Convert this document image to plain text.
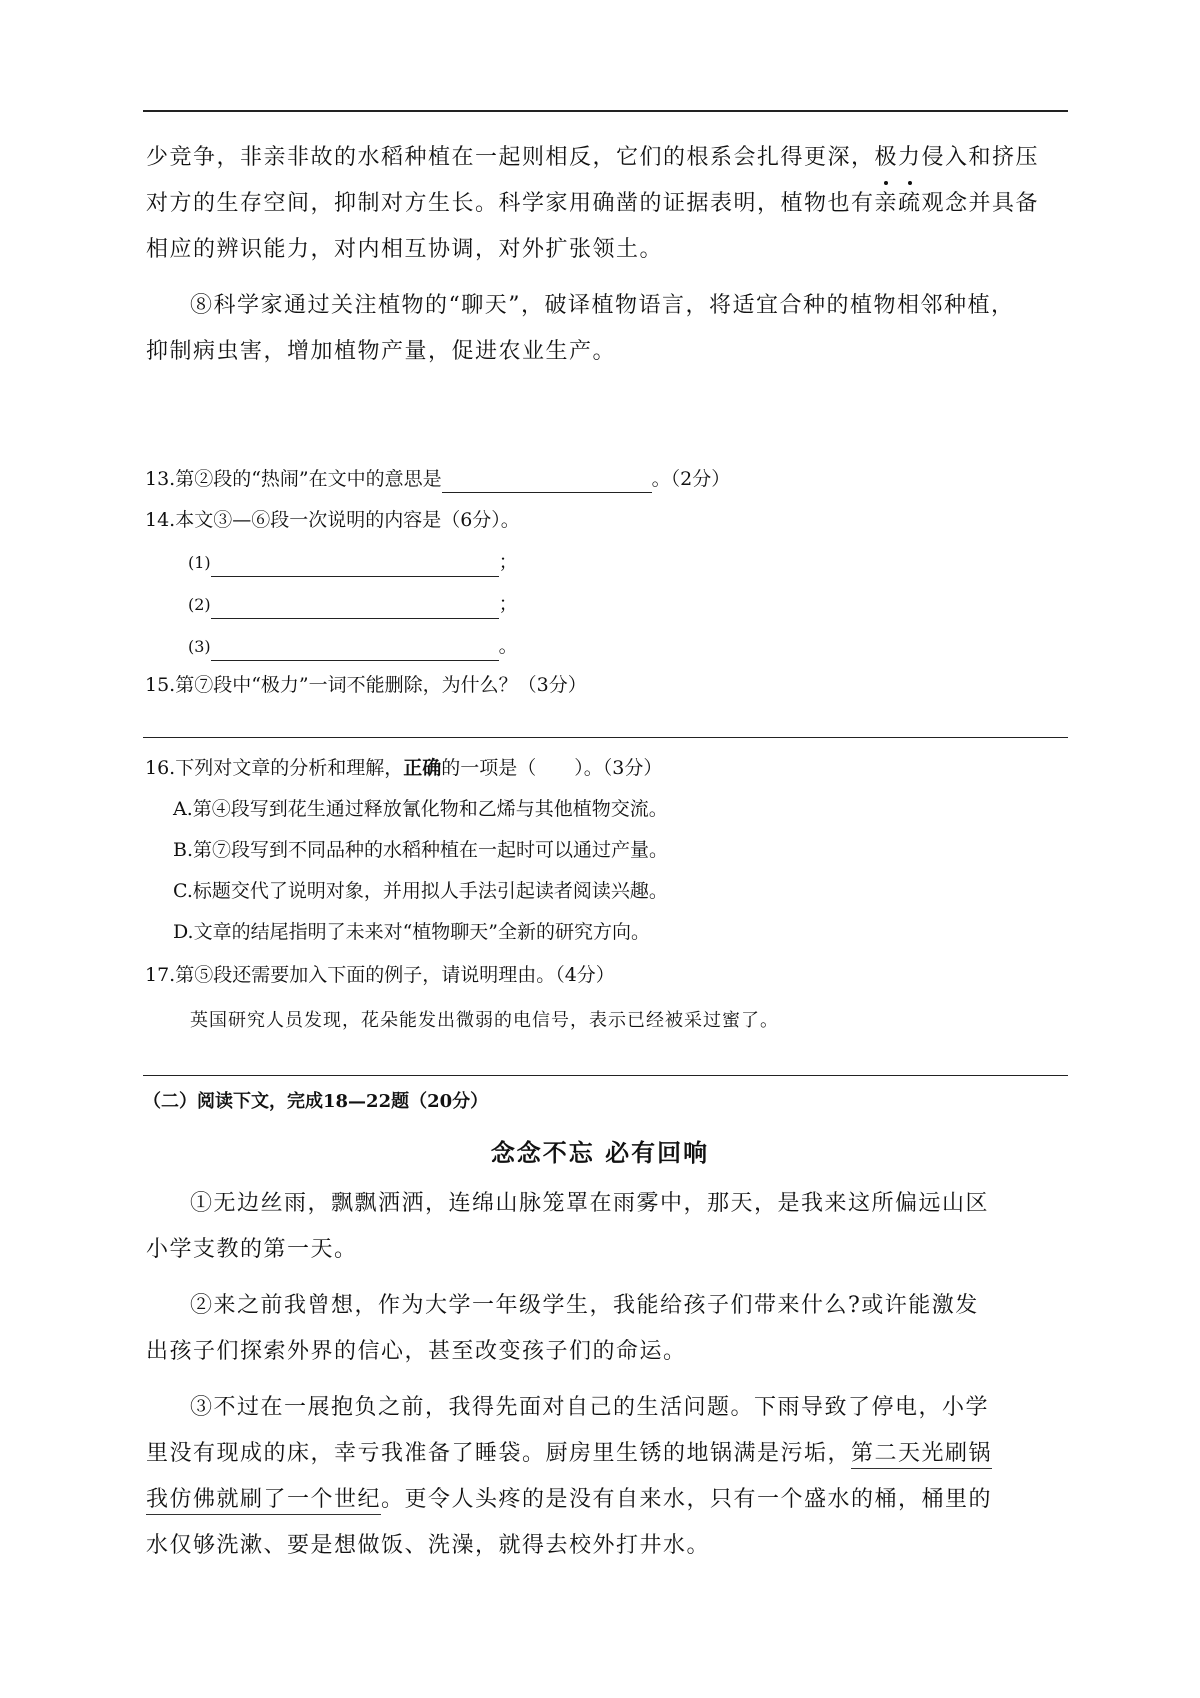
少竞争，非亲非故的水稻种植在一起则相反，它们的根系会扎得更深，极力
侵入和挤压

对方的生存空间，抑制对方生长。科学家用确凿的证据表明，植物也有亲疏观念并具备

相应的辨识能力，对内相互协调，对外扩张领土。

⑧科学家通过关注植物的“聊天”，破译植物语言，将适宜合种的植物相邻种植，

抑制病虫害，增加植物产量，促进农业生产。

13.第②段的“热闹”在文中的意思是	。（2分）

14.本文③—⑥段一次说明的内容是（6分）。

(1)	；

(2)	；

(3)	。

15.第⑦段中“极力”一词不能删除，为什么？（3分）

16.下列对文章的分析和理解，正确的一项是（　　）。（3分）

A.第④段写到花生通过释放氰化物和乙烯与其他植物交流。

B.第⑦段写到不同品种的水稻种植在一起时可以通过产量。

C.标题交代了说明对象，并用拟人手法引起读者阅读兴趣。

D.文章的结尾指明了未来对“植物聊天”全新的研究方向。

17.第⑤段还需要加入下面的例子，请说明理由。（4分）

英国研究人员发现，花朵能发出微弱的电信号，表示已经被采过蜜了。

（二）阅读下文，完成18—22题（20分）

念念不忘 必有回响

①无边丝雨，飘飘洒洒，连绵山脉笼罩在雨雾中，那天，是我来这所偏远山区

小学支教的第一天。

②来之前我曾想，作为大学一年级学生，我能给孩子们带来什么?或许能激发

出孩子们探索外界的信心，甚至改变孩子们的命运。

③不过在一展抱负之前，我得先面对自己的生活问题。下雨导致了停电，小学

里没有现成的床，幸亏我准备了睡袋。厨房里生锈的地锅满是污垢，第二天光刷锅

我仿佛就刷了一个世纪。更令人头疼的是没有自来水，只有一个盛水的桶，桶里的

水仅够洗漱、要是想做饭、洗澡，就得去校外打井水。
